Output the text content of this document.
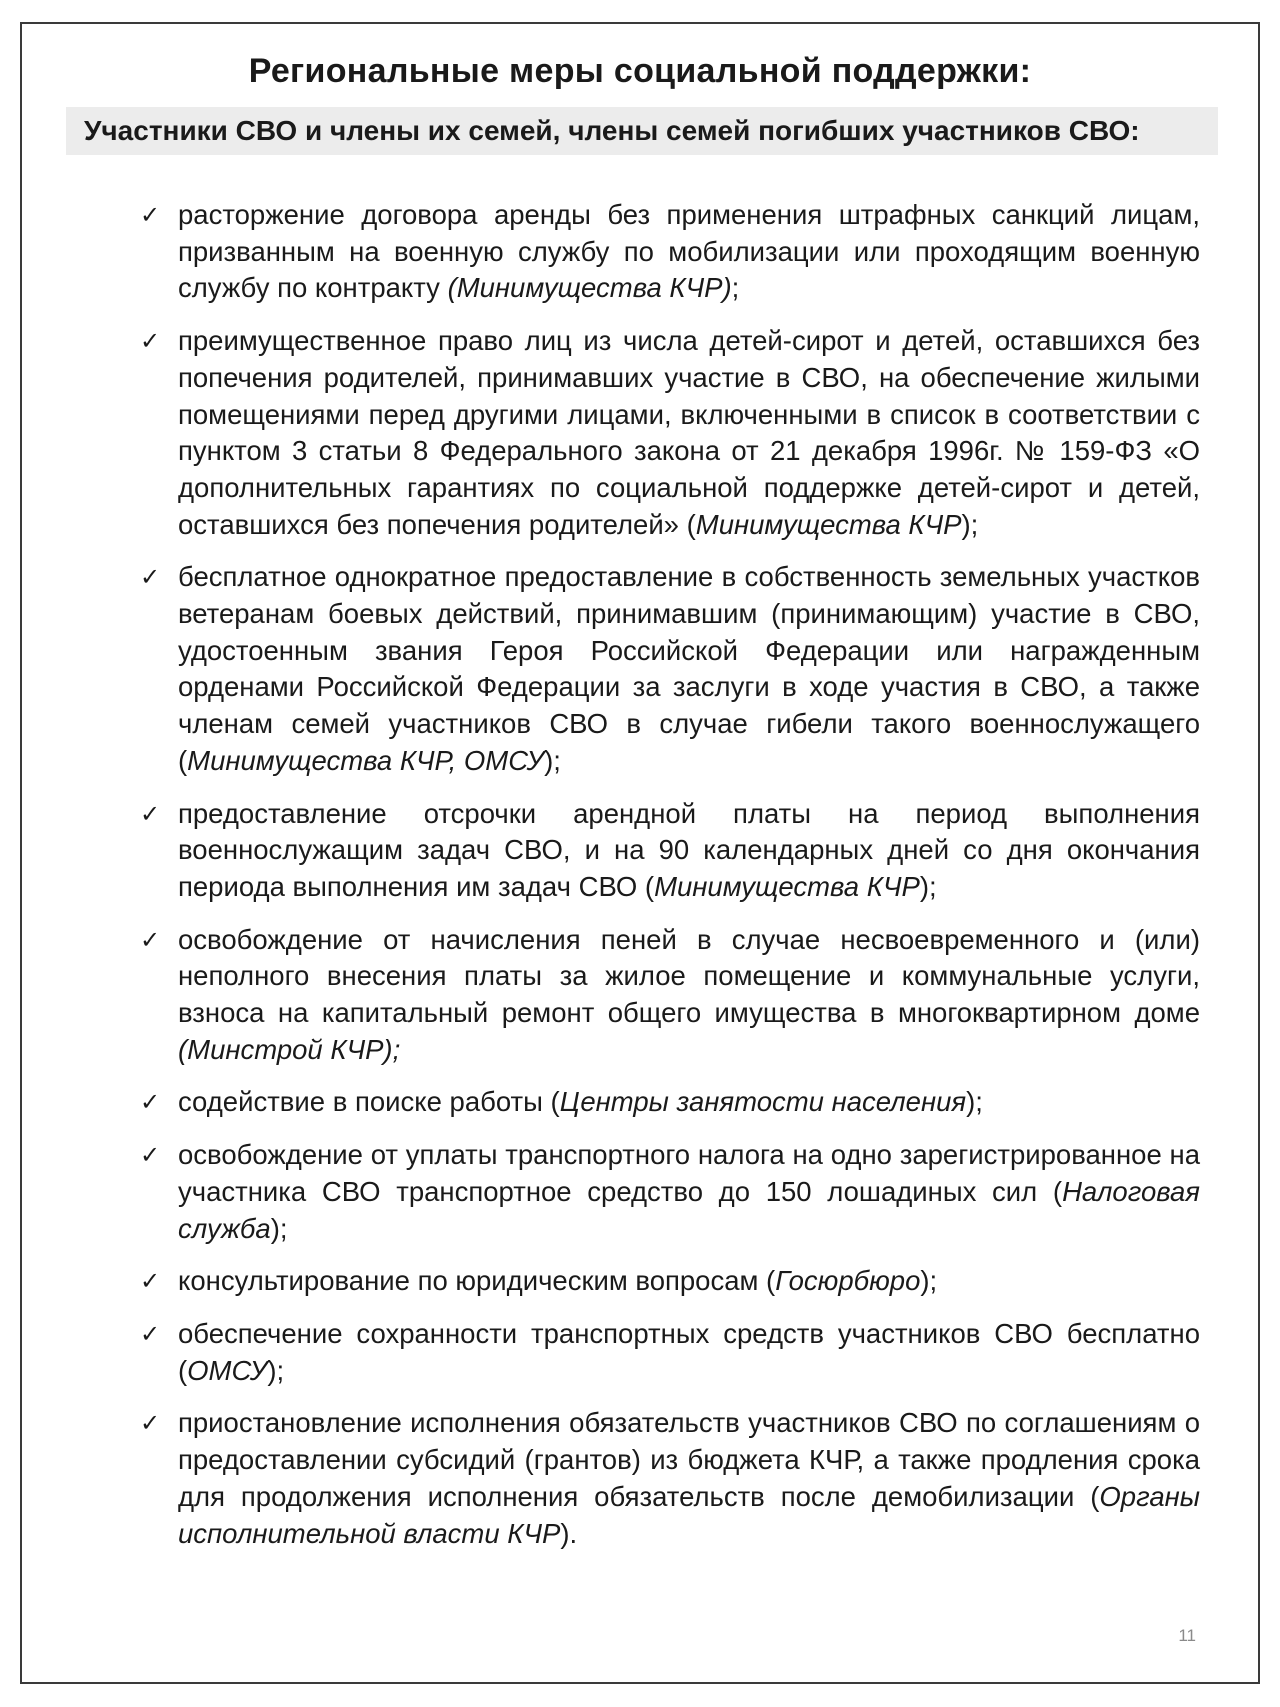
Региональные меры социальной поддержки:

Участники СВО и члены их семей, члены семей погибших участников СВО:

✓ расторжение договора аренды без применения штрафных санкций лицам, призванным на военную службу по мобилизации или проходящим военную службу по контракту (Минимущества КЧР);
✓ преимущественное право лиц из числа детей-сирот и детей, оставшихся без попечения родителей, принимавших участие в СВО, на обеспечение жилыми помещениями перед другими лицами, включенными в список в соответствии с пунктом 3 статьи 8 Федерального закона от 21 декабря 1996г. № 159-ФЗ «О дополнительных гарантиях по социальной поддержке детей-сирот и детей, оставшихся без попечения родителей» (Минимущества КЧР);
✓ бесплатное однократное предоставление в собственность земельных участков ветеранам боевых действий, принимавшим (принимающим) участие в СВО, удостоенным звания Героя Российской Федерации или награжденным орденами Российской Федерации за заслуги в ходе участия в СВО, а также членам семей участников СВО в случае гибели такого военнослужащего (Минимущества КЧР, ОМСУ);
✓ предоставление отсрочки арендной платы на период выполнения военнослужащим задач СВО, и на 90 календарных дней со дня окончания периода выполнения им задач СВО (Минимущества КЧР);
✓ освобождение от начисления пеней в случае несвоевременного и (или) неполного внесения платы за жилое помещение и коммунальные услуги, взноса на капитальный ремонт общего имущества в многоквартирном доме (Минстрой КЧР);
✓ содействие в поиске работы (Центры занятости населения);
✓ освобождение от уплаты транспортного налога на одно зарегистрированное на участника СВО транспортное средство до 150 лошадиных сил (Налоговая служба);
✓ консультирование по юридическим вопросам (Госюрбюро);
✓ обеспечение сохранности транспортных средств участников СВО бесплатно (ОМСУ);
✓ приостановление исполнения обязательств участников СВО по соглашениям о предоставлении субсидий (грантов) из бюджета КЧР, а также продления срока для продолжения исполнения обязательств после демобилизации (Органы исполнительной власти КЧР).
11
